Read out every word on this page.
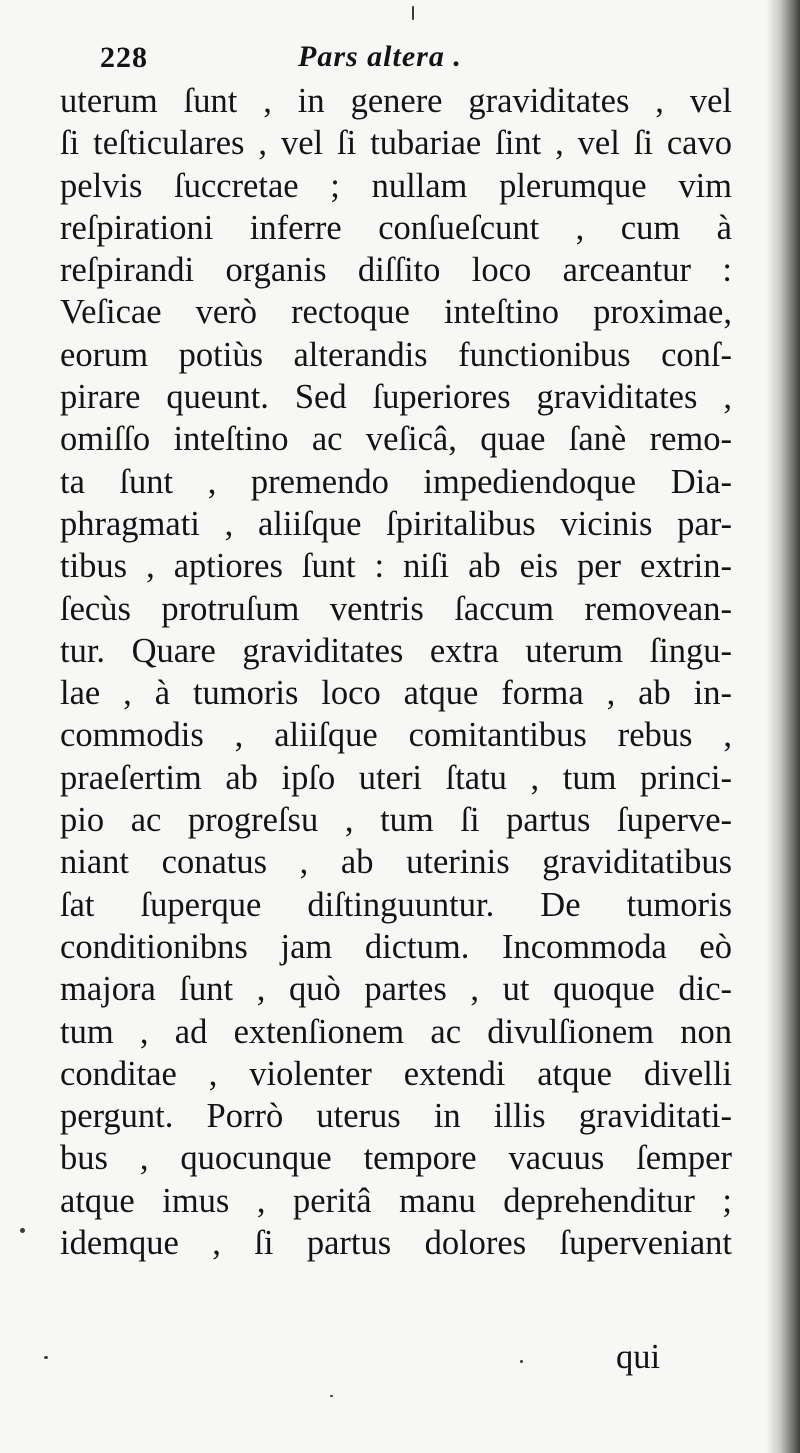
228	Pars altera .
uterum ſunt , in genere graviditates , vel
ſi teſticulares , vel ſi tubariae ſint , vel ſi cavo
pelvis ſuccretae ; nullam plerumque vim
reſpirationi inferre conſueſcunt , cum à
reſpirandi organis diſſito loco arceantur :
Veſicae verò rectoque inteſtino proximae,
eorum potiùs alterandis functionibus conſ-
pirare queunt. Sed ſuperiores graviditates ,
omiſſo inteſtino ac veſicâ, quae ſanè remo-
ta ſunt , premendo impediendoque Dia-
phragmati , aliiſque ſpiritalibus vicinis par-
tibus , aptiores ſunt : niſi ab eis per extrin-
ſecùs protruſum ventris ſaccum removean-
tur. Quare graviditates extra uterum ſingu-
lae , à tumoris loco atque forma , ab in-
commodis , aliiſque comitantibus rebus ,
praeſertim ab ipſo uteri ſtatu , tum princi-
pio ac progreſsu , tum ſi partus ſuperve-
niant conatus , ab uterinis graviditatibus
ſat ſuperque diſtinguuntur. De tumoris
conditionibns jam dictum. Incommoda eò
majora ſunt , quò partes , ut quoque dic-
tum , ad extenſionem ac divulſionem non
conditae , violenter extendi atque divelli
pergunt. Porrò uterus in illis graviditati-
bus , quocunque tempore vacuus ſemper
atque imus , peritâ manu deprehenditur ;
idemque , ſi partus dolores ſuperveniant
qui
